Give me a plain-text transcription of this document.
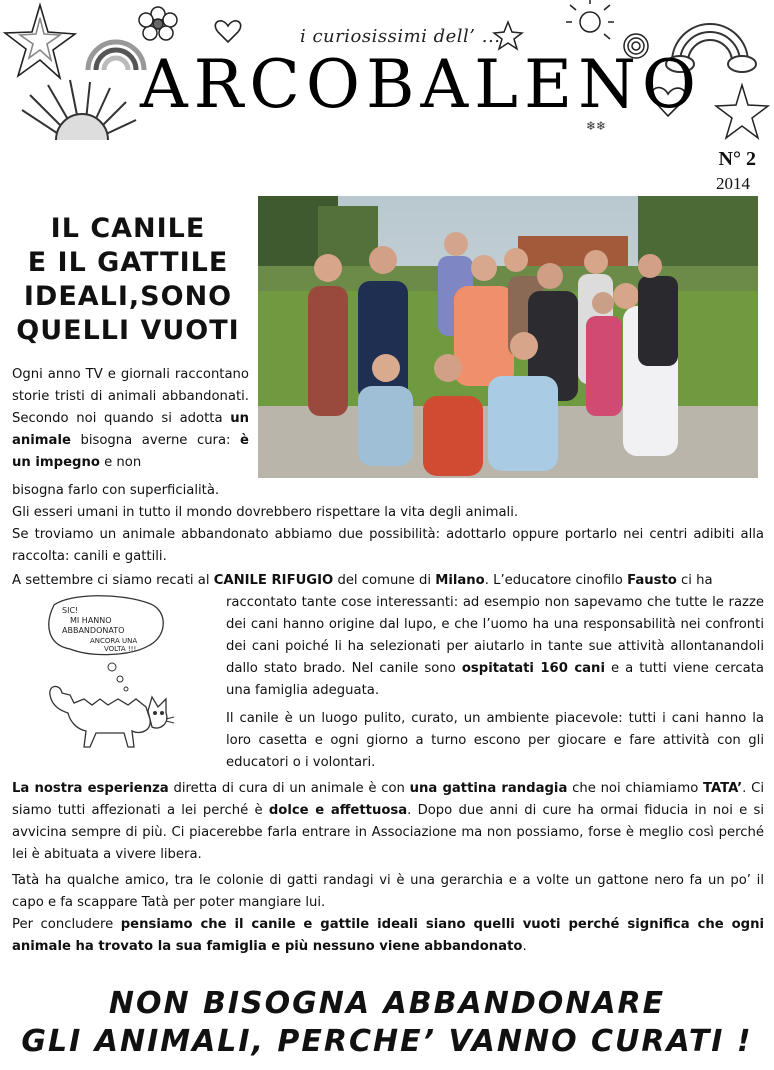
❄❄
i curiosissimi dell’ ...
ARCOBALENO
N° 2
2014
IL CANILE
E IL GATTILE
IDEALI,SONO
QUELLI VUOTI
Ogni anno TV e giornali raccontano storie tristi di animali abbandonati. Secondo noi quando si adotta un animale bisogna averne cura: è un impegno e non
bisogna farlo con superficialità.
Gli esseri umani in tutto il mondo dovrebbero rispettare la vita degli animali.
Se troviamo un animale abbandonato abbiamo due possibilità: adottarlo oppure portarlo nei centri adibiti alla raccolta: canili e gattili.
A settembre ci siamo recati al CANILE RIFUGIO del comune di Milano. L’educatore cinofilo Fausto ci ha
SIC!
MI HANNO
ABBANDONATO
ANCORA UNA
VOLTA !!!
raccontato tante cose interessanti: ad esempio non sapevamo che tutte le razze dei cani hanno origine dal lupo, e che l’uomo ha una responsabilità nei confronti dei cani poiché li ha selezionati per aiutarlo in tante sue attività allontanandoli dallo stato brado. Nel canile sono ospitatati 160 cani e a tutti viene cercata una famiglia adeguata.
Il canile è un luogo pulito, curato, un ambiente piacevole: tutti i cani hanno la loro casetta e ogni giorno a turno escono per giocare e fare attività con gli educatori o i volontari.
La nostra esperienza diretta di cura di un animale è con una gattina randagia che noi chiamiamo TATA’. Ci siamo tutti affezionati a lei perché è dolce e affettuosa. Dopo due anni di cure ha ormai fiducia in noi e si avvicina sempre di più. Ci piacerebbe farla entrare in Associazione ma non possiamo, forse è meglio così perché lei è abituata a vivere libera.
Tatà ha qualche amico, tra le colonie di gatti randagi vi è una gerarchia e a volte un gattone nero fa un po’ il capo e fa scappare Tatà per poter mangiare lui.
Per concludere pensiamo che il canile e gattile ideali siano quelli vuoti perché significa che ogni animale ha trovato la sua famiglia e più nessuno viene abbandonato.
NON BISOGNA ABBANDONARE
GLI ANIMALI, PERCHE’ VANNO CURATI !
